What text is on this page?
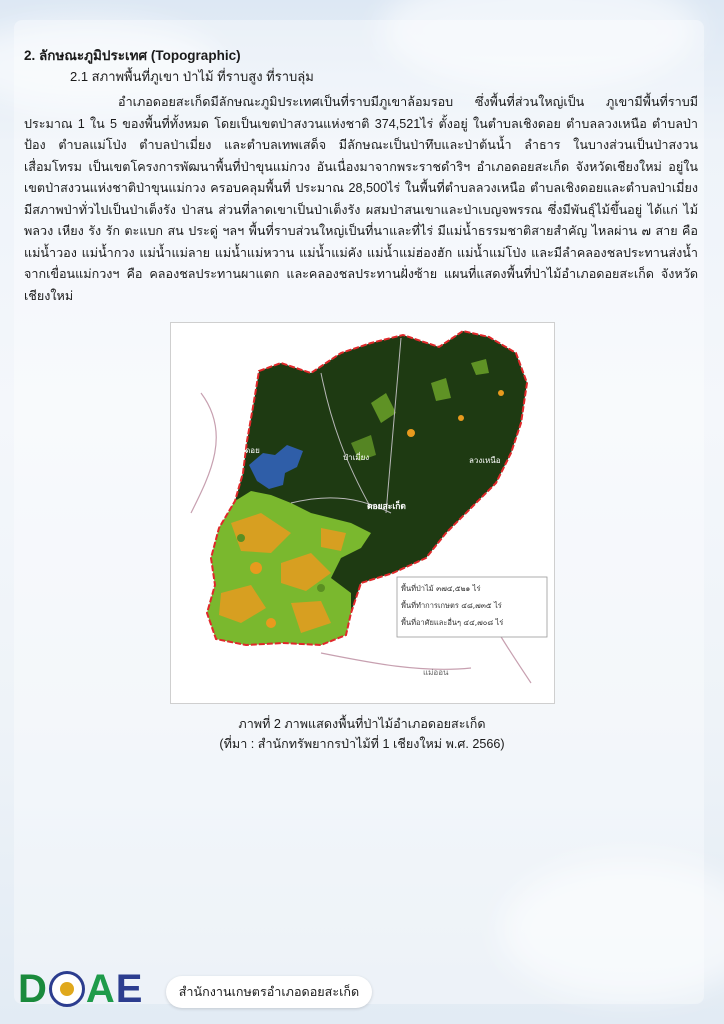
2. ลักษณะภูมิประเทศ (Topographic)
2.1 สภาพพื้นที่ภูเขา ป่าไม้ ที่ราบสูง ที่ราบลุ่ม
อำเภอดอยสะเก็ดมีลักษณะภูมิประเทศเป็นที่ราบมีภูเขาล้อมรอบ ซึ่งพื้นที่ส่วนใหญ่เป็น ภูเขามีพื้นที่ราบมีประมาณ 1 ใน 5 ของพื้นที่ทั้งหมด โดยเป็นเขตป่าสงวนแห่งชาติ 374,521ไร่ ตั้งอยู่ ในตำบลเชิงดอย ตำบลลวงเหนือ ตำบลป่าป้อง ตำบลแม่โป่ง ตำบลป่าเมี่ยง และตำบลเทพเสด็จ มีลักษณะเป็นป่าทึบและป่าต้นน้ำ ลำธาร ในบางส่วนเป็นป่าสงวนเสื่อมโทรม เป็นเขตโครงการพัฒนาพื้นที่ป่าขุนแม่กวง อันเนื่องมาจากพระราชดำริฯ อำเภอดอยสะเก็ด จังหวัดเชียงใหม่ อยู่ในเขตป่าสงวนแห่งชาติป่าขุนแม่กวง ครอบคลุมพื้นที่ ประมาณ 28,500ไร่ ในพื้นที่ตำบลลวงเหนือ ตำบลเชิงดอยและตำบลป่าเมี่ยง มีสภาพป่าทั่วไปเป็นป่าเต็งรัง ป่าสน ส่วนที่ลาดเขาเป็นป่าเต็งรัง ผสมป่าสนเขาและป่าเบญจพรรณ ซึ่งมีพันธุ์ไม้ขึ้นอยู่ ได้แก่ ไม้พลวง เหียง รัง รัก ตะแบก สน ประดู่ ฯลฯ พื้นที่ราบส่วนใหญ่เป็นที่นาและที่ไร่ มีแม่น้ำธรรมชาติสายสำคัญ ไหลผ่าน ๗ สาย คือ แม่น้ำวอง แม่น้ำกวง แม่น้ำแม่ลาย แม่น้ำแม่หวาน แม่น้ำแม่คัง แม่น้ำแม่ฮ่องฮัก แม่น้ำแม่โป่ง และมีลำคลองชลประทานส่งน้ำจากเขื่อนแม่กวงฯ คือ คลองชลประทานผาแตก และคลองชลประทานฝั่งซ้าย แผนที่แสดงพื้นที่ป่าไม้อำเภอดอยสะเก็ด จังหวัดเชียงใหม่
เชิงดอย
ป่าเมี่ยง	ลวงเหนือ
ดอยสะเก็ด
แม่ออน
พื้นที่ป่าไม้ ๓๗๔,๕๒๑ ไร่
พื้นที่ทำการเกษตร ๔๘,๗๓๕ ไร่
พื้นที่อาศัยและอื่นๆ ๔๔,๗๐๘ ไร่
ภาพที่ 2 ภาพแสดงพื้นที่ป่าไม้อำเภอดอยสะเก็ด
(ที่มา : สำนักทรัพยากรป่าไม้ที่ 1 เชียงใหม่ พ.ศ. 2566)
D A E	สำนักงานเกษตรอำเภอดอยสะเก็ด
